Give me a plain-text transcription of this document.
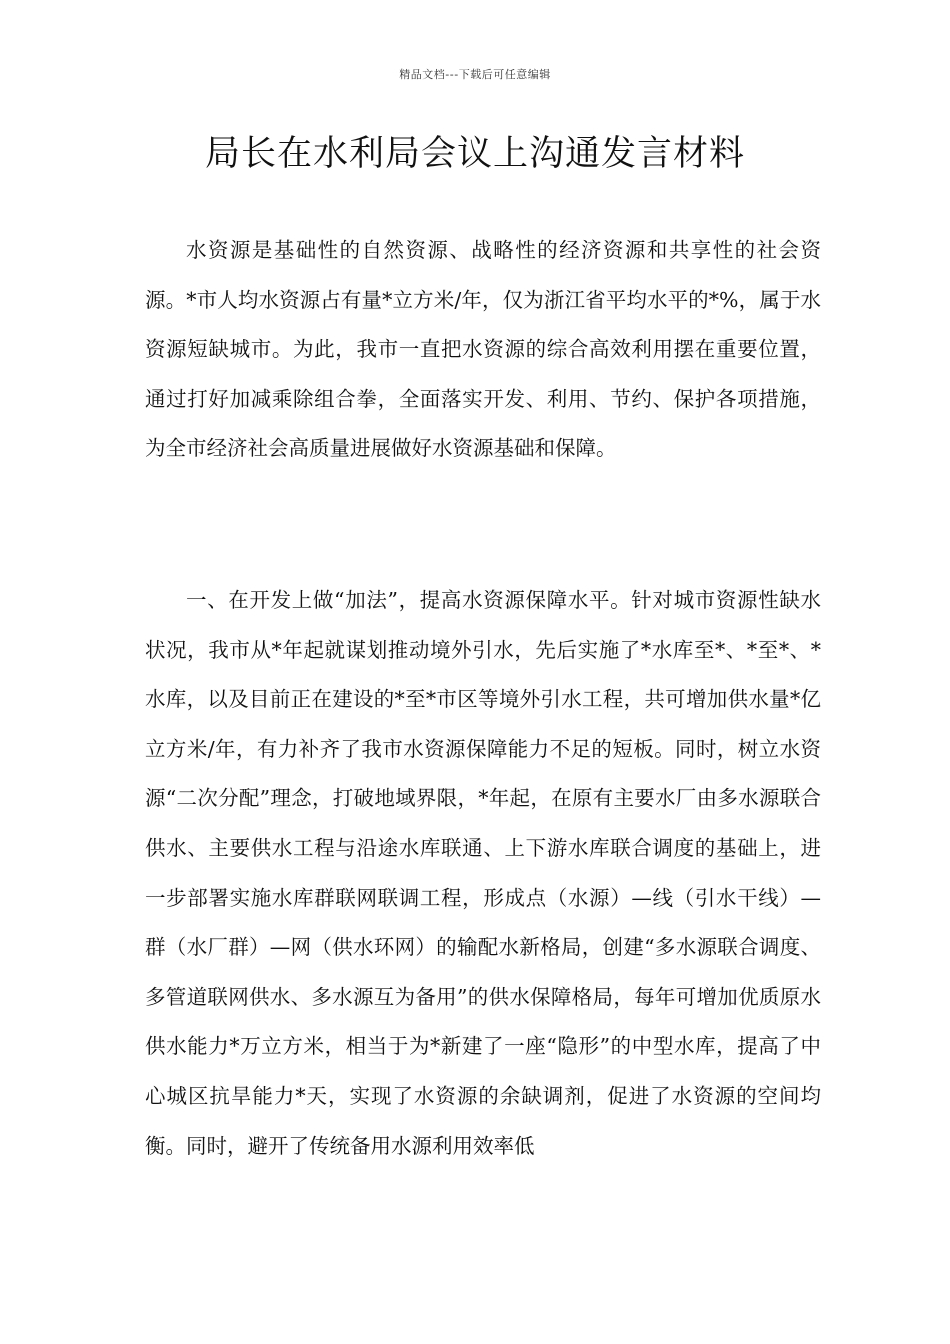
精品文档---下载后可任意编辑
局长在水利局会议上沟通发言材料

水资源是基础性的自然资源、战略性的经济资源和共享性的社会资源。*市人均水资源占有量*立方米/年，仅为浙江省平均水平的*%，属于水资源短缺城市。为此，我市一直把水资源的综合高效利用摆在重要位置，通过打好加减乘除组合拳，全面落实开发、利用、节约、保护各项措施，为全市经济社会高质量进展做好水资源基础和保障。

一、在开发上做“加法”，提高水资源保障水平。针对城市资源性缺水状况，我市从*年起就谋划推动境外引水，先后实施了*水库至*、*至*、*水库，以及目前正在建设的*至*市区等境外引水工程，共可增加供水量*亿立方米/年，有力补齐了我市水资源保障能力不足的短板。同时，树立水资源“二次分配”理念，打破地域界限，*年起，在原有主要水厂由多水源联合供水、主要供水工程与沿途水库联通、上下游水库联合调度的基础上，进一步部署实施水库群联网联调工程，形成点（水源）—线（引水干线）—群（水厂群）—网（供水环网）的输配水新格局，创建“多水源联合调度、多管道联网供水、多水源互为备用”的供水保障格局，每年可增加优质原水供水能力*万立方米，相当于为*新建了一座“隐形”的中型水库，提高了中心城区抗旱能力*天，实现了水资源的余缺调剂，促进了水资源的空间均衡。同时，避开了传统备用水源利用效率低
